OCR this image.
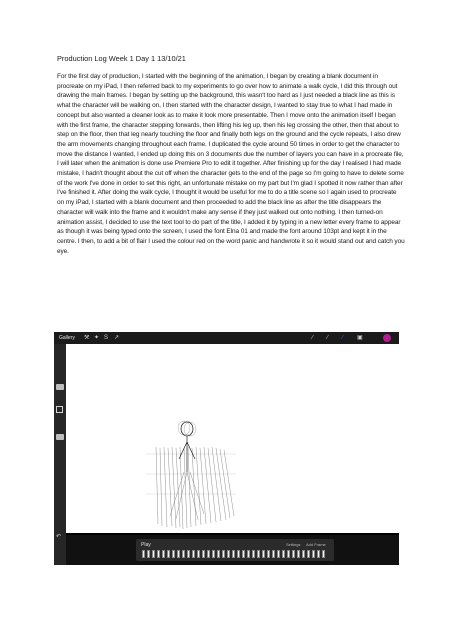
Production Log Week 1 Day 1 13/10/21
For the first day of production, I started with the beginning of the animation, I began by creating a blank document in procreate on my iPad, I then referred back to my experiments to go over how to animate a walk cycle, I did this through out drawing the main frames. I began by setting up the background, this wasn't too hard as I just needed a black line as this is what the character will be walking on, I then started with the character design, I wanted to stay true to what I had made in concept but also wanted a cleaner look as to make it look more presentable. Then I move onto the animation itself I began with the first frame, the character stepping forwards, then lifting his leg up, then his leg crossing the other, then that about to step on the floor, then that leg nearly touching the floor and finally both legs on the ground and the cycle repeats, I also drew the arm movements changing throughout each frame. I duplicated the cycle around 50 times in order to get the character to move the distance I wanted, I ended up doing this on 3 documents due the number of layers you can have in a procreate file, I will later when the animation is done use Premiere Pro to edit it together. After finishing up for the day I realised I had made mistake, I hadn't thought about the cut off when the character gets to the end of the page so I'm going to have to delete some of the work I've done in order to set this right, an unfortunate mistake on my part but I'm glad I spotted it now rather than after I've finished it. After doing the walk cycle, I thought it would be useful for me to do a title scene so I again used to procreate on my iPad, I started with a blank document and then proceeded to add the black line as after the title disappears the character will walk into the frame and it wouldn't make any sense if they just walked out onto nothing. I then turned-on animation assist, I decided to use the text tool to do part of the title, I added it by typing in a new letter every frame to appear as though it was being typed onto the screen, I used the font Elna 01 and made the font around 103pt and kept it in the centre. I then, to add a bit of flair I used the colour red on the word panic and handwrote it so it would stand out and catch you eye.
Gallery ⚒ ✦ S ↗	∕ ∕ ∕ ▣
↶
Play	Settings Add Frame
